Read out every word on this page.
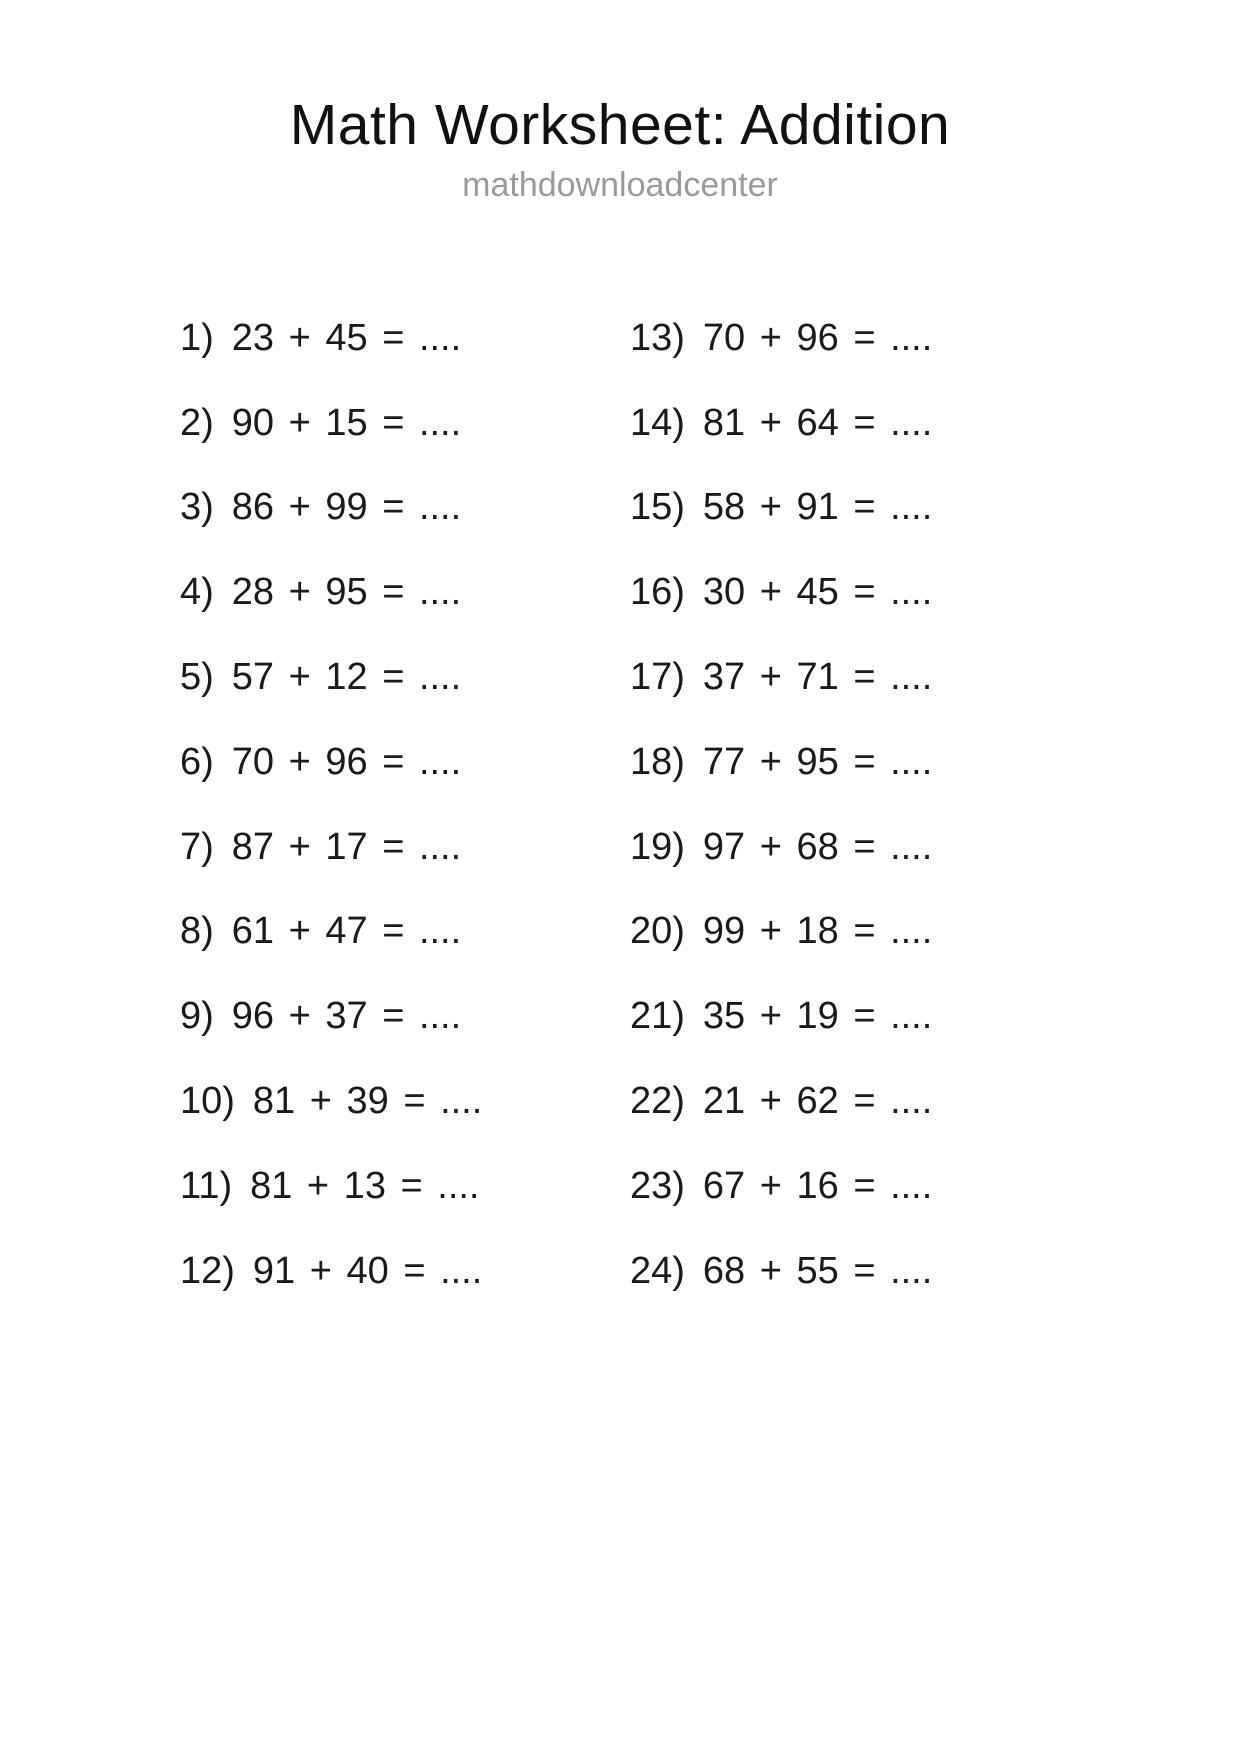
Math Worksheet: Addition
mathdownloadcenter
1) 23 + 45 = ....
2) 90 + 15 = ....
3) 86 + 99 = ....
4) 28 + 95 = ....
5) 57 + 12 = ....
6) 70 + 96 = ....
7) 87 + 17 = ....
8) 61 + 47 = ....
9) 96 + 37 = ....
10) 81 + 39 = ....
11) 81 + 13 = ....
12) 91 + 40 = ....
13) 70 + 96 = ....
14) 81 + 64 = ....
15) 58 + 91 = ....
16) 30 + 45 = ....
17) 37 + 71 = ....
18) 77 + 95 = ....
19) 97 + 68 = ....
20) 99 + 18 = ....
21) 35 + 19 = ....
22) 21 + 62 = ....
23) 67 + 16 = ....
24) 68 + 55 = ....
